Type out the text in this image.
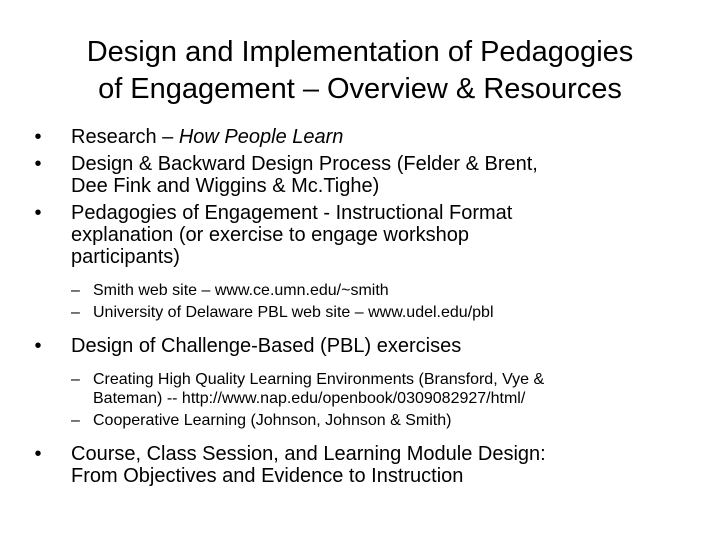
Design and Implementation of Pedagogies
of Engagement – Overview & Resources
•	Research – How People Learn
•	Design & Backward Design Process (Felder & Brent,
Dee Fink and Wiggins & Mc.Tighe)
•	Pedagogies of Engagement - Instructional Format
explanation (or exercise to engage workshop
participants)
– Smith web site – www.ce.umn.edu/~smith
– University of Delaware PBL web site – www.udel.edu/pbl
•	Design of Challenge-Based (PBL) exercises
– Creating High Quality Learning Environments (Bransford, Vye &
Bateman) -- http://www.nap.edu/openbook/0309082927/html/
– Cooperative Learning (Johnson, Johnson & Smith)
•	Course, Class Session, and Learning Module Design:
From Objectives and Evidence to Instruction
